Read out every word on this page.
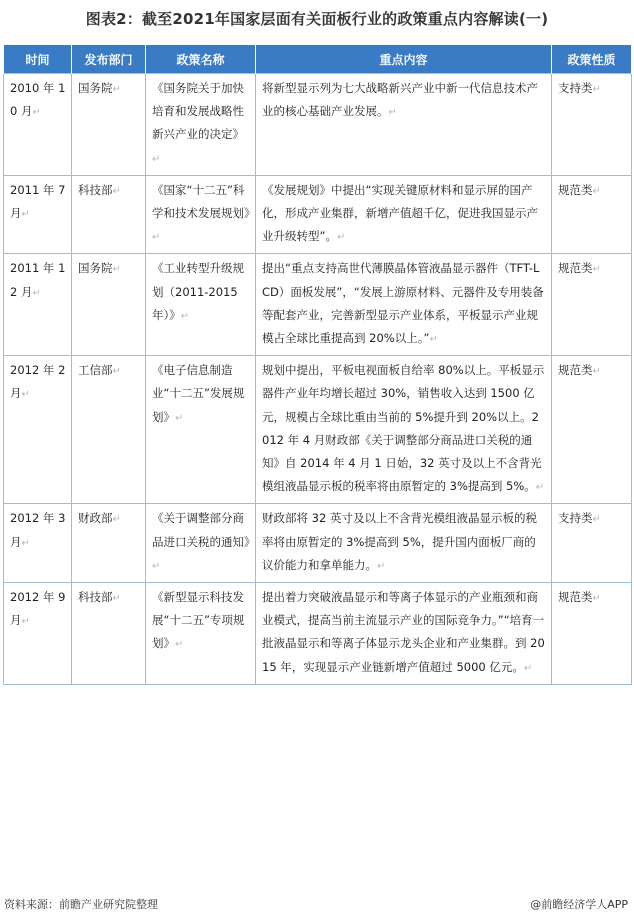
图表2：截至2021年国家层面有关面板行业的政策重点内容解读(一)
时间	发布部门	政策名称	重点内容	政策性质
2010 年 10 月↵	国务院↵	《国务院关于加快培育和发展战略性新兴产业的决定》↵	将新型显示列为七大战略新兴产业中新一代信息技术产业的核心基础产业发展。↵	支持类↵
2011 年 7 月↵	科技部↵	《国家“十二五”科学和技术发展规划》↵	《发展规划》中提出“实现关键原材料和显示屏的国产化，形成产业集群，新增产值超千亿，促进我国显示产业升级转型”。↵	规范类↵
2011 年 12 月↵	国务院↵	《工业转型升级规划（2011-2015年）》↵	提出“重点支持高世代薄膜晶体管液晶显示器件（TFT-LCD）面板发展”，“发展上游原材料、元器件及专用装备等配套产业，完善新型显示产业体系，平板显示产业规模占全球比重提高到 20%以上。”↵	规范类↵
2012 年 2 月↵	工信部↵	《电子信息制造业“十二五”发展规划》↵	规划中提出，平板电视面板自给率 80%以上。平板显示器件产业年均增长超过 30%，销售收入达到 1500 亿元，规模占全球比重由当前的 5%提升到 20%以上。2012 年 4 月财政部《关于调整部分商品进口关税的通知》自 2014 年 4 月 1 日始，32 英寸及以上不含背光模组液晶显示板的税率将由原暂定的 3%提高到 5%。↵	规范类↵
2012 年 3 月↵	财政部↵	《关于调整部分商品进口关税的通知》↵	财政部将 32 英寸及以上不含背光模组液晶显示板的税率将由原暂定的 3%提高到 5%，提升国内面板厂商的议价能力和拿单能力。↵	支持类↵
2012 年 9 月↵	科技部↵	《新型显示科技发展“十二五”专项规划》↵	提出着力突破液晶显示和等离子体显示的产业瓶颈和商业模式，提高当前主流显示产业的国际竞争力。”“培育一批液晶显示和等离子体显示龙头企业和产业集群。到 2015 年，实现显示产业链新增产值超过 5000 亿元。↵	规范类↵
资料来源：前瞻产业研究院整理	@前瞻经济学人APP
